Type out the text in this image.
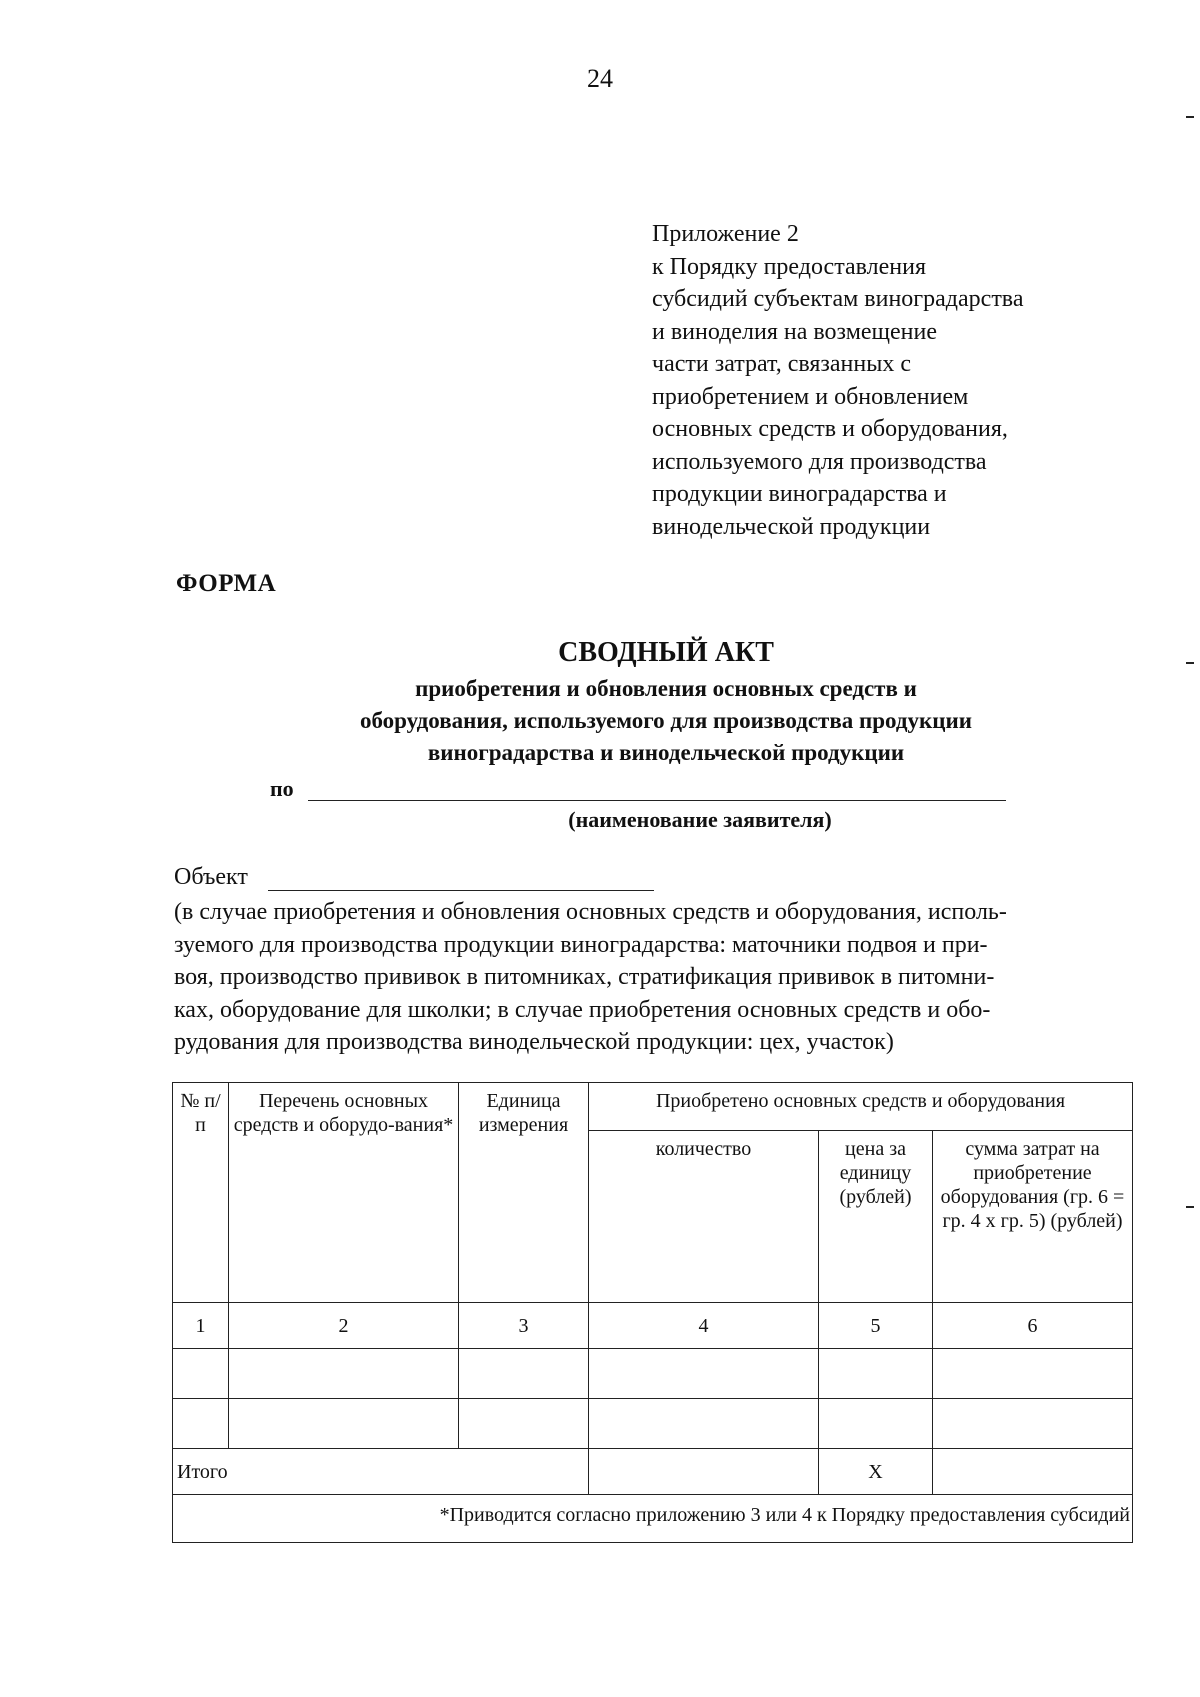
24
Приложение 2
к Порядку предоставления
субсидий субъектам виноградарства
и виноделия на возмещение
части затрат, связанных с
приобретением и обновлением
основных средств и оборудования,
используемого для производства
продукции виноградарства и
винодельческой продукции
ФОРМА
СВОДНЫЙ АКТ
приобретения и обновления основных средств и
оборудования, используемого для производства продукции
виноградарства и винодельческой продукции
по
(наименование заявителя)
Объект
(в случае приобретения и обновления основных средств и оборудования, исполь-
зуемого для производства продукции виноградарства: маточники подвоя и при-
воя, производство прививок в питомниках, стратификация прививок в питомни-
ках, оборудование для школки; в случае приобретения основных средств и обо-
рудования для производства винодельческой продукции: цех, участок)
№ п/п	Перечень основных средств и оборудо-вания*	Единица измерения	Приобретено основных средств и оборудования		
			количество	цена за единицу (рублей)	сумма затрат на приобретение оборудования (гр. 6 = гр. 4 х гр. 5) (рублей)
1	2	3	4	5	6

Итого				Х	
*Приводится согласно приложению 3 или 4 к Порядку предоставления субсидий					
